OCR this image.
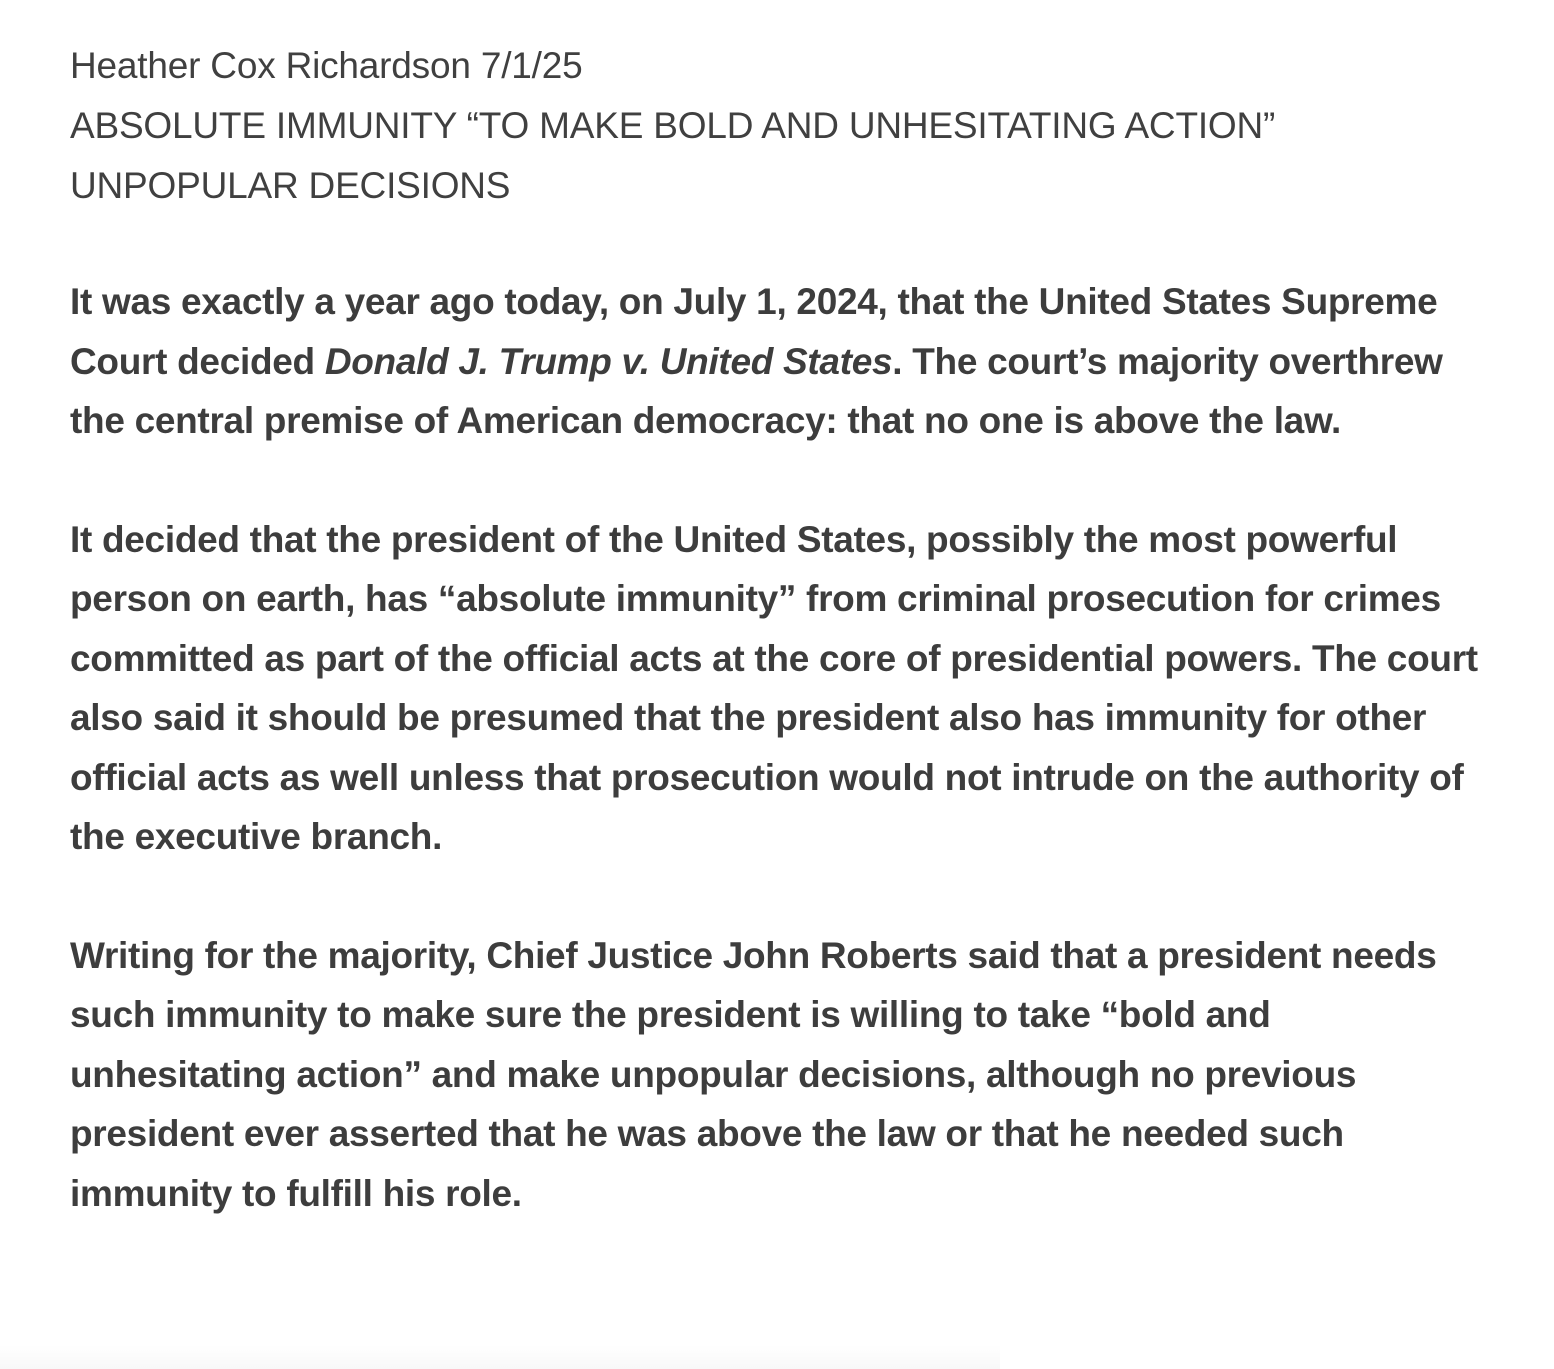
Heather Cox Richardson 7/1/25
ABSOLUTE IMMUNITY “TO MAKE BOLD AND UNHESITATING ACTION”
UNPOPULAR DECISIONS

It was exactly a year ago today, on July 1, 2024, that the United States Supreme Court decided Donald J. Trump v. United States. The court’s majority overthrew the central premise of American democracy: that no one is above the law.

It decided that the president of the United States, possibly the most powerful person on earth, has “absolute immunity” from criminal prosecution for crimes committed as part of the official acts at the core of presidential powers. The court also said it should be presumed that the president also has immunity for other official acts as well unless that prosecution would not intrude on the authority of the executive branch.

Writing for the majority, Chief Justice John Roberts said that a president needs such immunity to make sure the president is willing to take “bold and unhesitating action” and make unpopular decisions, although no previous president ever asserted that he was above the law or that he needed such immunity to fulfill his role.
